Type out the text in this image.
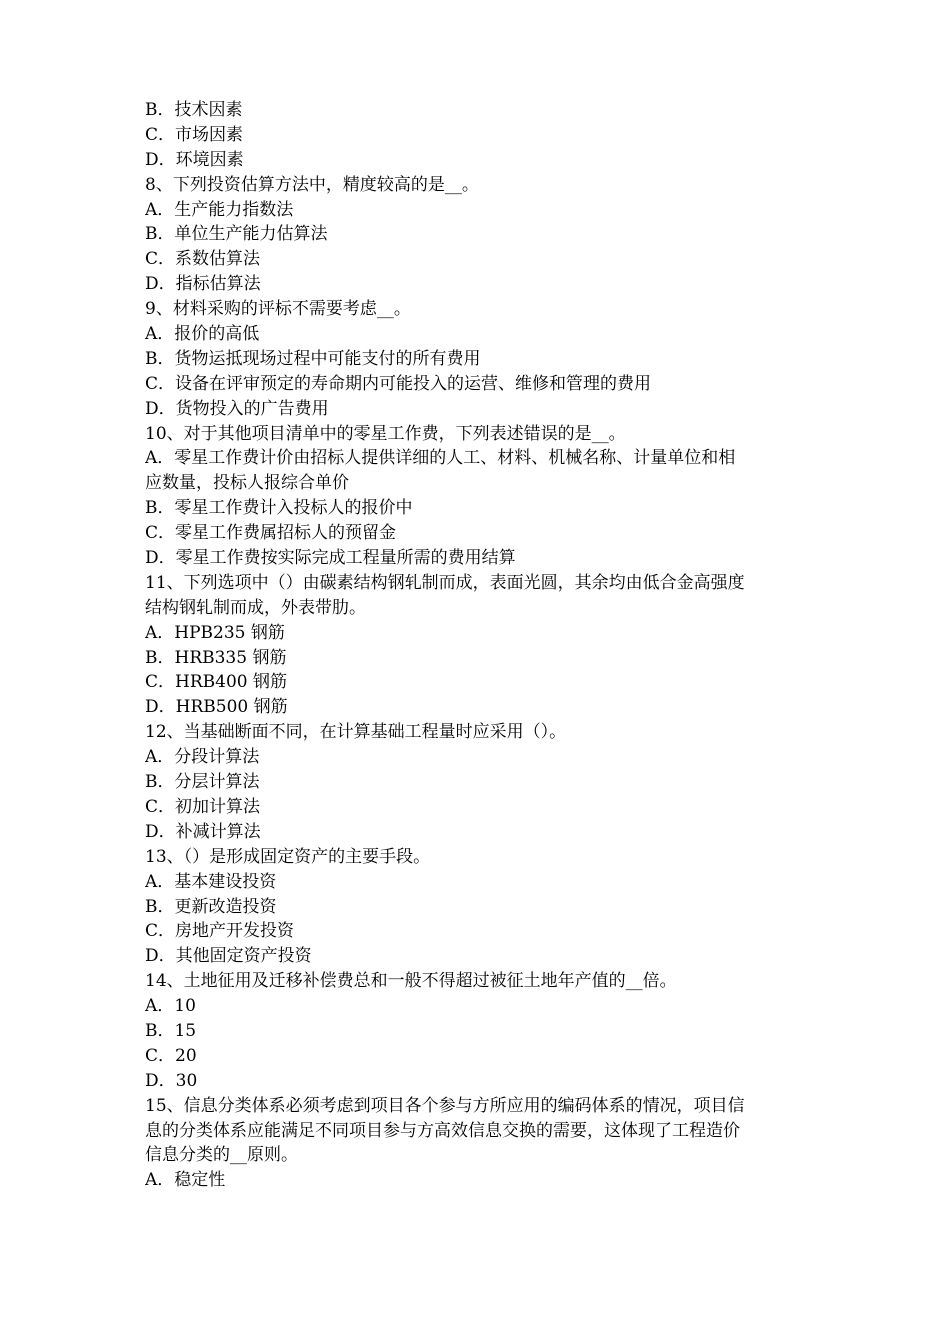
B．技术因素
C．市场因素
D．环境因素
8、下列投资估算方法中，精度较高的是__。
A．生产能力指数法
B．单位生产能力估算法
C．系数估算法
D．指标估算法
9、材料采购的评标不需要考虑__。
A．报价的高低
B．货物运抵现场过程中可能支付的所有费用
C．设备在评审预定的寿命期内可能投入的运营、维修和管理的费用
D．货物投入的广告费用
10、对于其他项目清单中的零星工作费，下列表述错误的是__。
A．零星工作费计价由招标人提供详细的人工、材料、机械名称、计量单位和相
应数量，投标人报综合单价
B．零星工作费计入投标人的报价中
C．零星工作费属招标人的预留金
D．零星工作费按实际完成工程量所需的费用结算
11、下列选项中（）由碳素结构钢轧制而成，表面光圆，其余均由低合金高强度
结构钢轧制而成，外表带肋。
A．HPB235 钢筋
B．HRB335 钢筋
C．HRB400 钢筋
D．HRB500 钢筋
12、当基础断面不同，在计算基础工程量时应采用（）。
A．分段计算法
B．分层计算法
C．初加计算法
D．补减计算法
13、（）是形成固定资产的主要手段。
A．基本建设投资
B．更新改造投资
C．房地产开发投资
D．其他固定资产投资
14、土地征用及迁移补偿费总和一般不得超过被征土地年产值的__倍。
A．10
B．15
C．20
D．30
15、信息分类体系必须考虑到项目各个参与方所应用的编码体系的情况，项目信
息的分类体系应能满足不同项目参与方高效信息交换的需要，这体现了工程造价
信息分类的__原则。
A．稳定性
